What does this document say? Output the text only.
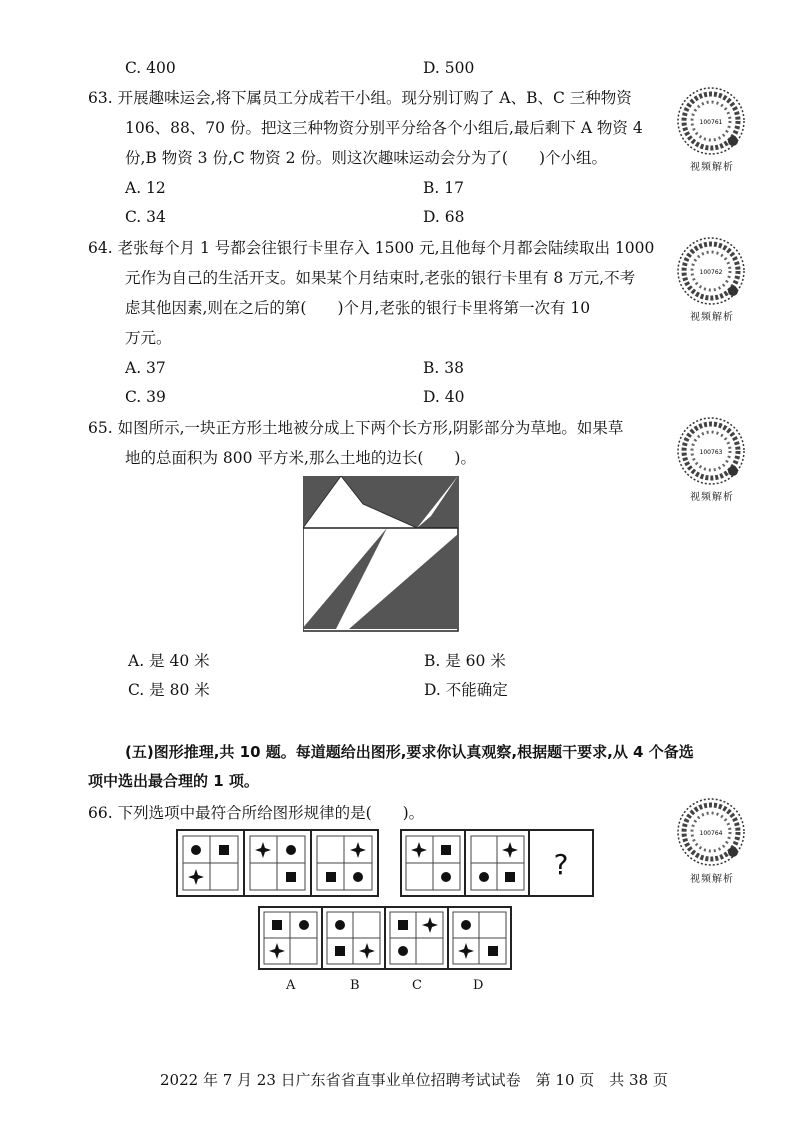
C. 400	D. 500
63. 开展趣味运会,将下属员工分成若干小组。现分别订购了 A、B、C 三种物资
106、88、70 份。把这三种物资分别平分给各个小组后,最后剩下 A 物资 4
份,B 物资 3 份,C 物资 2 份。则这次趣味运动会分为了(　　)个小组。
A. 12	B. 17
C. 34	D. 68
64. 老张每个月 1 号都会往银行卡里存入 1500 元,且他每个月都会陆续取出 1000
元作为自己的生活开支。如果某个月结束时,老张的银行卡里有 8 万元,不考
虑其他因素,则在之后的第(　　)个月,老张的银行卡里将第一次有 10
万元。
A. 37	B. 38
C. 39	D. 40
65. 如图所示,一块正方形土地被分成上下两个长方形,阴影部分为草地。如果草
地的总面积为 800 平方米,那么土地的边长(　　)。
A. 是 40 米	B. 是 60 米
C. 是 80 米	D. 不能确定
(五)图形推理,共 10 题。每道题给出图形,要求你认真观察,根据题干要求,从 4 个备选
项中选出最合理的 1 项。
66. 下列选项中最符合所给图形规律的是(　　)。
?
A	B	C	D
100761
视频解析
100762
视频解析
100763
视频解析
100764
视频解析
2022 年 7 月 23 日广东省省直事业单位招聘考试试卷　第 10 页　共 38 页
